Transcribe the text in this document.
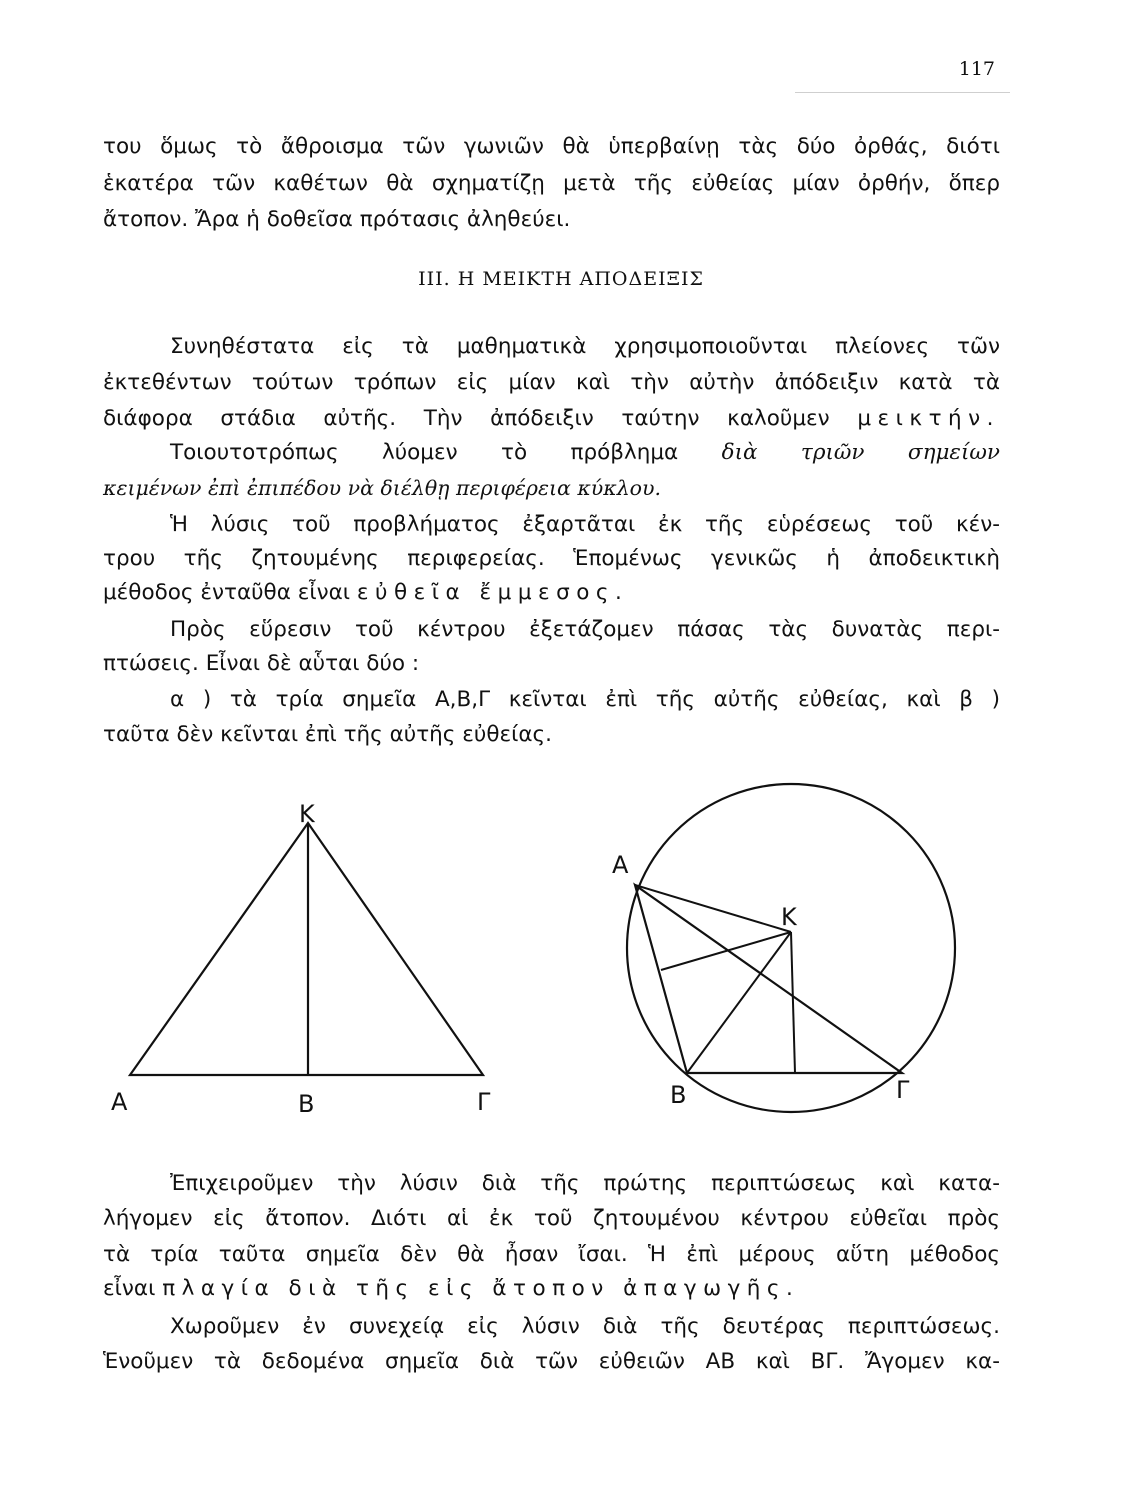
117

του ὅμως τὸ ἄθροισμα τῶν γωνιῶν θὰ ὑπερβαίνῃ τὰς δύο ὀρθάς, διότι

ἑκατέρα τῶν καθέτων θὰ σχηματίζῃ μετὰ τῆς εὐθείας μίαν ὀρθήν, ὅπερ

ἄτοπον. Ἄρα ἡ δοθεῖσα πρότασις ἀληθεύει.

III. Η ΜΕΙΚΤΗ ΑΠΟΔΕΙΞΙΣ

Συνηθέστατα εἰς τὰ μαθηματικὰ χρησιμοποιοῦνται πλείονες τῶν

ἐκτεθέντων τούτων τρόπων εἰς μίαν καὶ τὴν αὐτὴν ἀπόδειξιν κατὰ τὰ

διάφορα στάδια αὐτῆς. Τὴν ἀπόδειξιν ταύτην καλοῦμεν μεικτήν.

Τοιουτοτρόπως λύομεν τὸ πρόβλημα διὰ τριῶν σημείων

κειμένων ἐπὶ ἐπιπέδου νὰ διέλθῃ περιφέρεια κύκλου.

Ἡ λύσις τοῦ προβλήματος ἐξαρτᾶται ἐκ τῆς εὑρέσεως τοῦ κέν-

τρου τῆς ζητουμένης περιφερείας. Ἑπομένως γενικῶς ἡ ἀποδεικτικὴ

μέθοδος ἐνταῦθα εἶναι εὐθεῖα ἔμμεσος.

Πρὸς εὕρεσιν τοῦ κέντρου ἐξετάζομεν πάσας τὰς δυνατὰς περι-

πτώσεις. Εἶναι δὲ αὗται δύο :

α ) τὰ τρία σημεῖα Α,Β,Γ κεῖνται ἐπὶ τῆς αὐτῆς εὐθείας, καὶ β )

ταῦτα δὲν κεῖνται ἐπὶ τῆς αὐτῆς εὐθείας.

Κ
Α	Β	Γ
Α
Κ
Β	Γ

Ἐπιχειροῦμεν τὴν λύσιν διὰ τῆς πρώτης περιπτώσεως καὶ κατα-

λήγομεν εἰς ἄτοπον. Διότι αἱ ἐκ τοῦ ζητουμένου κέντρου εὐθεῖαι πρὸς

τὰ τρία ταῦτα σημεῖα δὲν θὰ ἦσαν ἴσαι. Ἡ ἐπὶ μέρους αὕτη μέθοδος

εἶναι πλαγία διὰ τῆς εἰς ἄτοπον ἀπαγωγῆς.

Χωροῦμεν ἐν συνεχείᾳ εἰς λύσιν διὰ τῆς δευτέρας περιπτώσεως.

Ἑνοῦμεν τὰ δεδομένα σημεῖα διὰ τῶν εὐθειῶν ΑΒ καὶ ΒΓ. Ἄγομεν κα-
